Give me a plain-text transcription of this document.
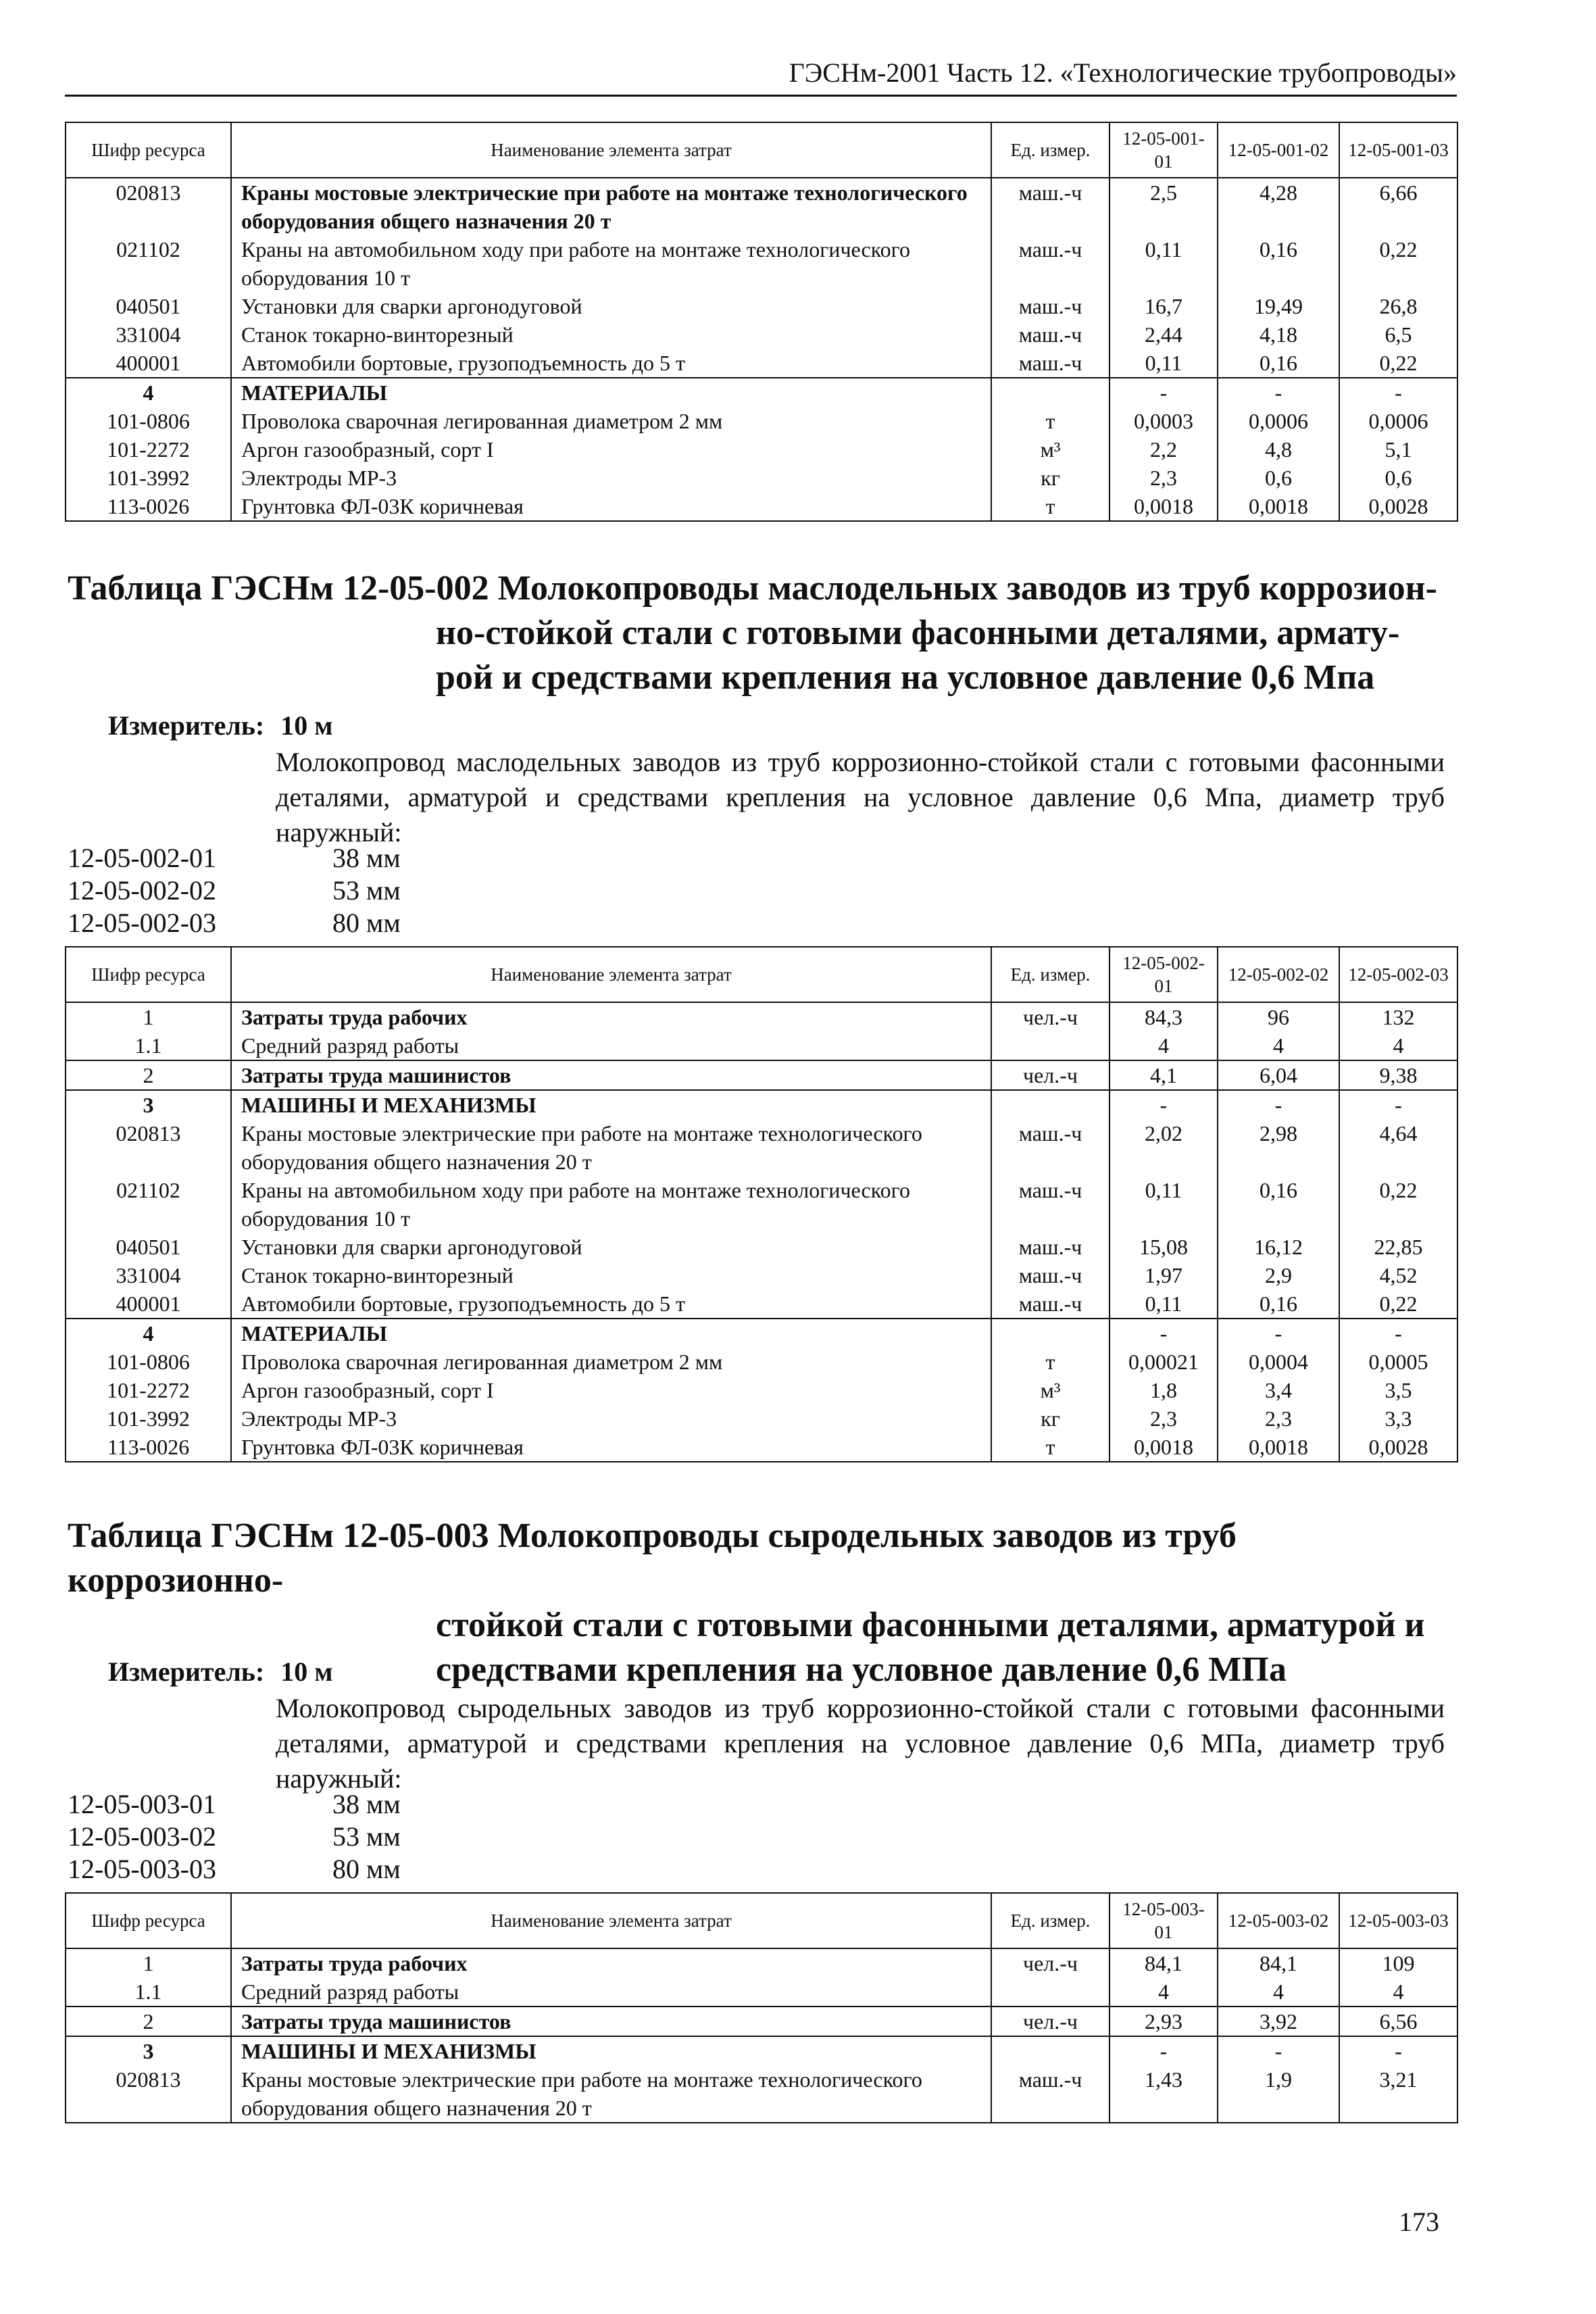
ГЭСНм-2001 Часть 12. «Технологические трубопроводы»
Шифр ресурса	Наименование элемента затрат	Ед. измер.	12-05-001-01	12-05-001-02	12-05-001-03
020813	Краны мостовые электрические при работе на монтаже технологического оборудования общего назначения 20 т	маш.-ч	2,5	4,28	6,66
021102	Краны на автомобильном ходу при работе на монтаже технологического оборудования 10 т	маш.-ч	0,11	0,16	0,22
040501	Установки для сварки аргонодуговой	маш.-ч	16,7	19,49	26,8
331004	Станок токарно-винторезный	маш.-ч	2,44	4,18	6,5
400001	Автомобили бортовые, грузоподъемность до 5 т	маш.-ч	0,11	0,16	0,22
4	МАТЕРИАЛЫ		-	-	-
101-0806	Проволока сварочная легированная диаметром 2 мм	т	0,0003	0,0006	0,0006
101-2272	Аргон газообразный, сорт I	м³	2,2	4,8	5,1
101-3992	Электроды МР-3	кг	2,3	0,6	0,6
113-0026	Грунтовка ФЛ-03К коричневая	т	0,0018	0,0018	0,0028
Таблица ГЭСНм 12-05-002 Молокопроводы маслодельных заводов из труб коррозион-
но-стойкой стали с готовыми фасонными деталями, армату-
рой и средствами крепления на условное давление 0,6 Мпа
Измеритель: 10 м
Молокопровод маслодельных заводов из труб коррозионно-стойкой стали с готовыми фасонными деталями, арматурой и средствами крепления на условное давление 0,6 Мпа, диаметр труб наружный:
12-05-002-01	38 мм
12-05-002-02	53 мм
12-05-002-03	80 мм
Шифр ресурса	Наименование элемента затрат	Ед. измер.	12-05-002-01	12-05-002-02	12-05-002-03
1	Затраты труда рабочих	чел.-ч	84,3	96	132
1.1	Средний разряд работы		4	4	4
2	Затраты труда машинистов	чел.-ч	4,1	6,04	9,38
3	МАШИНЫ И МЕХАНИЗМЫ		-	-	-
020813	Краны мостовые электрические при работе на монтаже технологического оборудования общего назначения 20 т	маш.-ч	2,02	2,98	4,64
021102	Краны на автомобильном ходу при работе на монтаже технологического оборудования 10 т	маш.-ч	0,11	0,16	0,22
040501	Установки для сварки аргонодуговой	маш.-ч	15,08	16,12	22,85
331004	Станок токарно-винторезный	маш.-ч	1,97	2,9	4,52
400001	Автомобили бортовые, грузоподъемность до 5 т	маш.-ч	0,11	0,16	0,22
4	МАТЕРИАЛЫ		-	-	-
101-0806	Проволока сварочная легированная диаметром 2 мм	т	0,00021	0,0004	0,0005
101-2272	Аргон газообразный, сорт I	м³	1,8	3,4	3,5
101-3992	Электроды МР-3	кг	2,3	2,3	3,3
113-0026	Грунтовка ФЛ-03К коричневая	т	0,0018	0,0018	0,0028
Таблица ГЭСНм 12-05-003 Молокопроводы сыродельных заводов из труб коррозионно-
стойкой стали с готовыми фасонными деталями, арматурой и
средствами крепления на условное давление 0,6 МПа
Измеритель: 10 м
Молокопровод сыродельных заводов из труб коррозионно-стойкой стали с готовыми фасонными деталями, арматурой и средствами крепления на условное давление 0,6 МПа, диаметр труб наружный:
12-05-003-01	38 мм
12-05-003-02	53 мм
12-05-003-03	80 мм
Шифр ресурса	Наименование элемента затрат	Ед. измер.	12-05-003-01	12-05-003-02	12-05-003-03
1	Затраты труда рабочих	чел.-ч	84,1	84,1	109
1.1	Средний разряд работы		4	4	4
2	Затраты труда машинистов	чел.-ч	2,93	3,92	6,56
3	МАШИНЫ И МЕХАНИЗМЫ		-	-	-
020813	Краны мостовые электрические при работе на монтаже технологического оборудования общего назначения 20 т	маш.-ч	1,43	1,9	3,21
173
